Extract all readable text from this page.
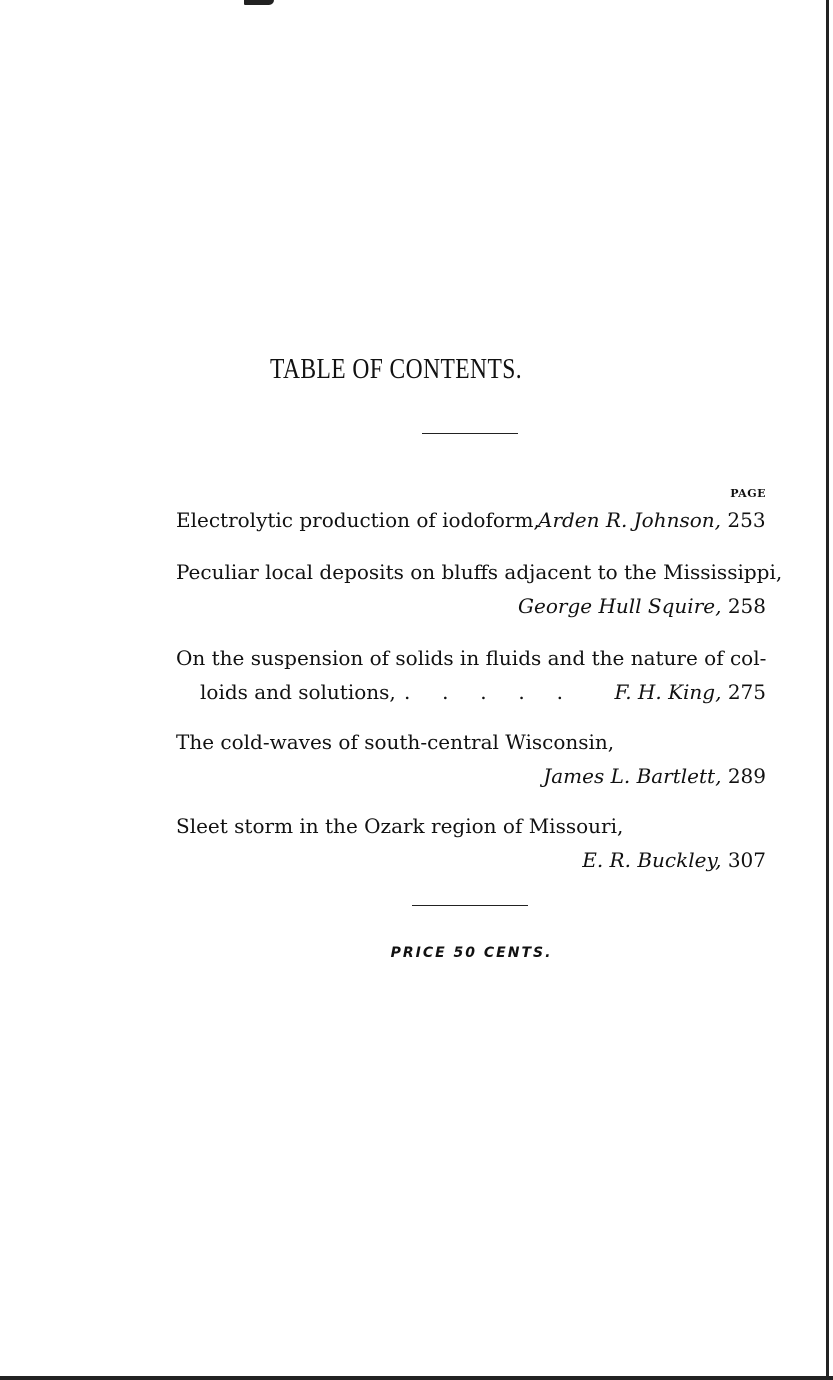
TABLE OF CONTENTS.
PAGE
Electrolytic production of iodoform,
Arden R. Johnson, 253
Peculiar local deposits on bluffs adjacent to the Mississippi,
George Hull Squire, 258
On the suspension of solids in fluids and the nature of col-
loids and solutions, .     .     .     .     .	F. H. King, 275
The cold-waves of south-central Wisconsin,
James L. Bartlett, 289
Sleet storm in the Ozark region of Missouri,
E. R. Buckley, 307
PRICE 50 CENTS.
